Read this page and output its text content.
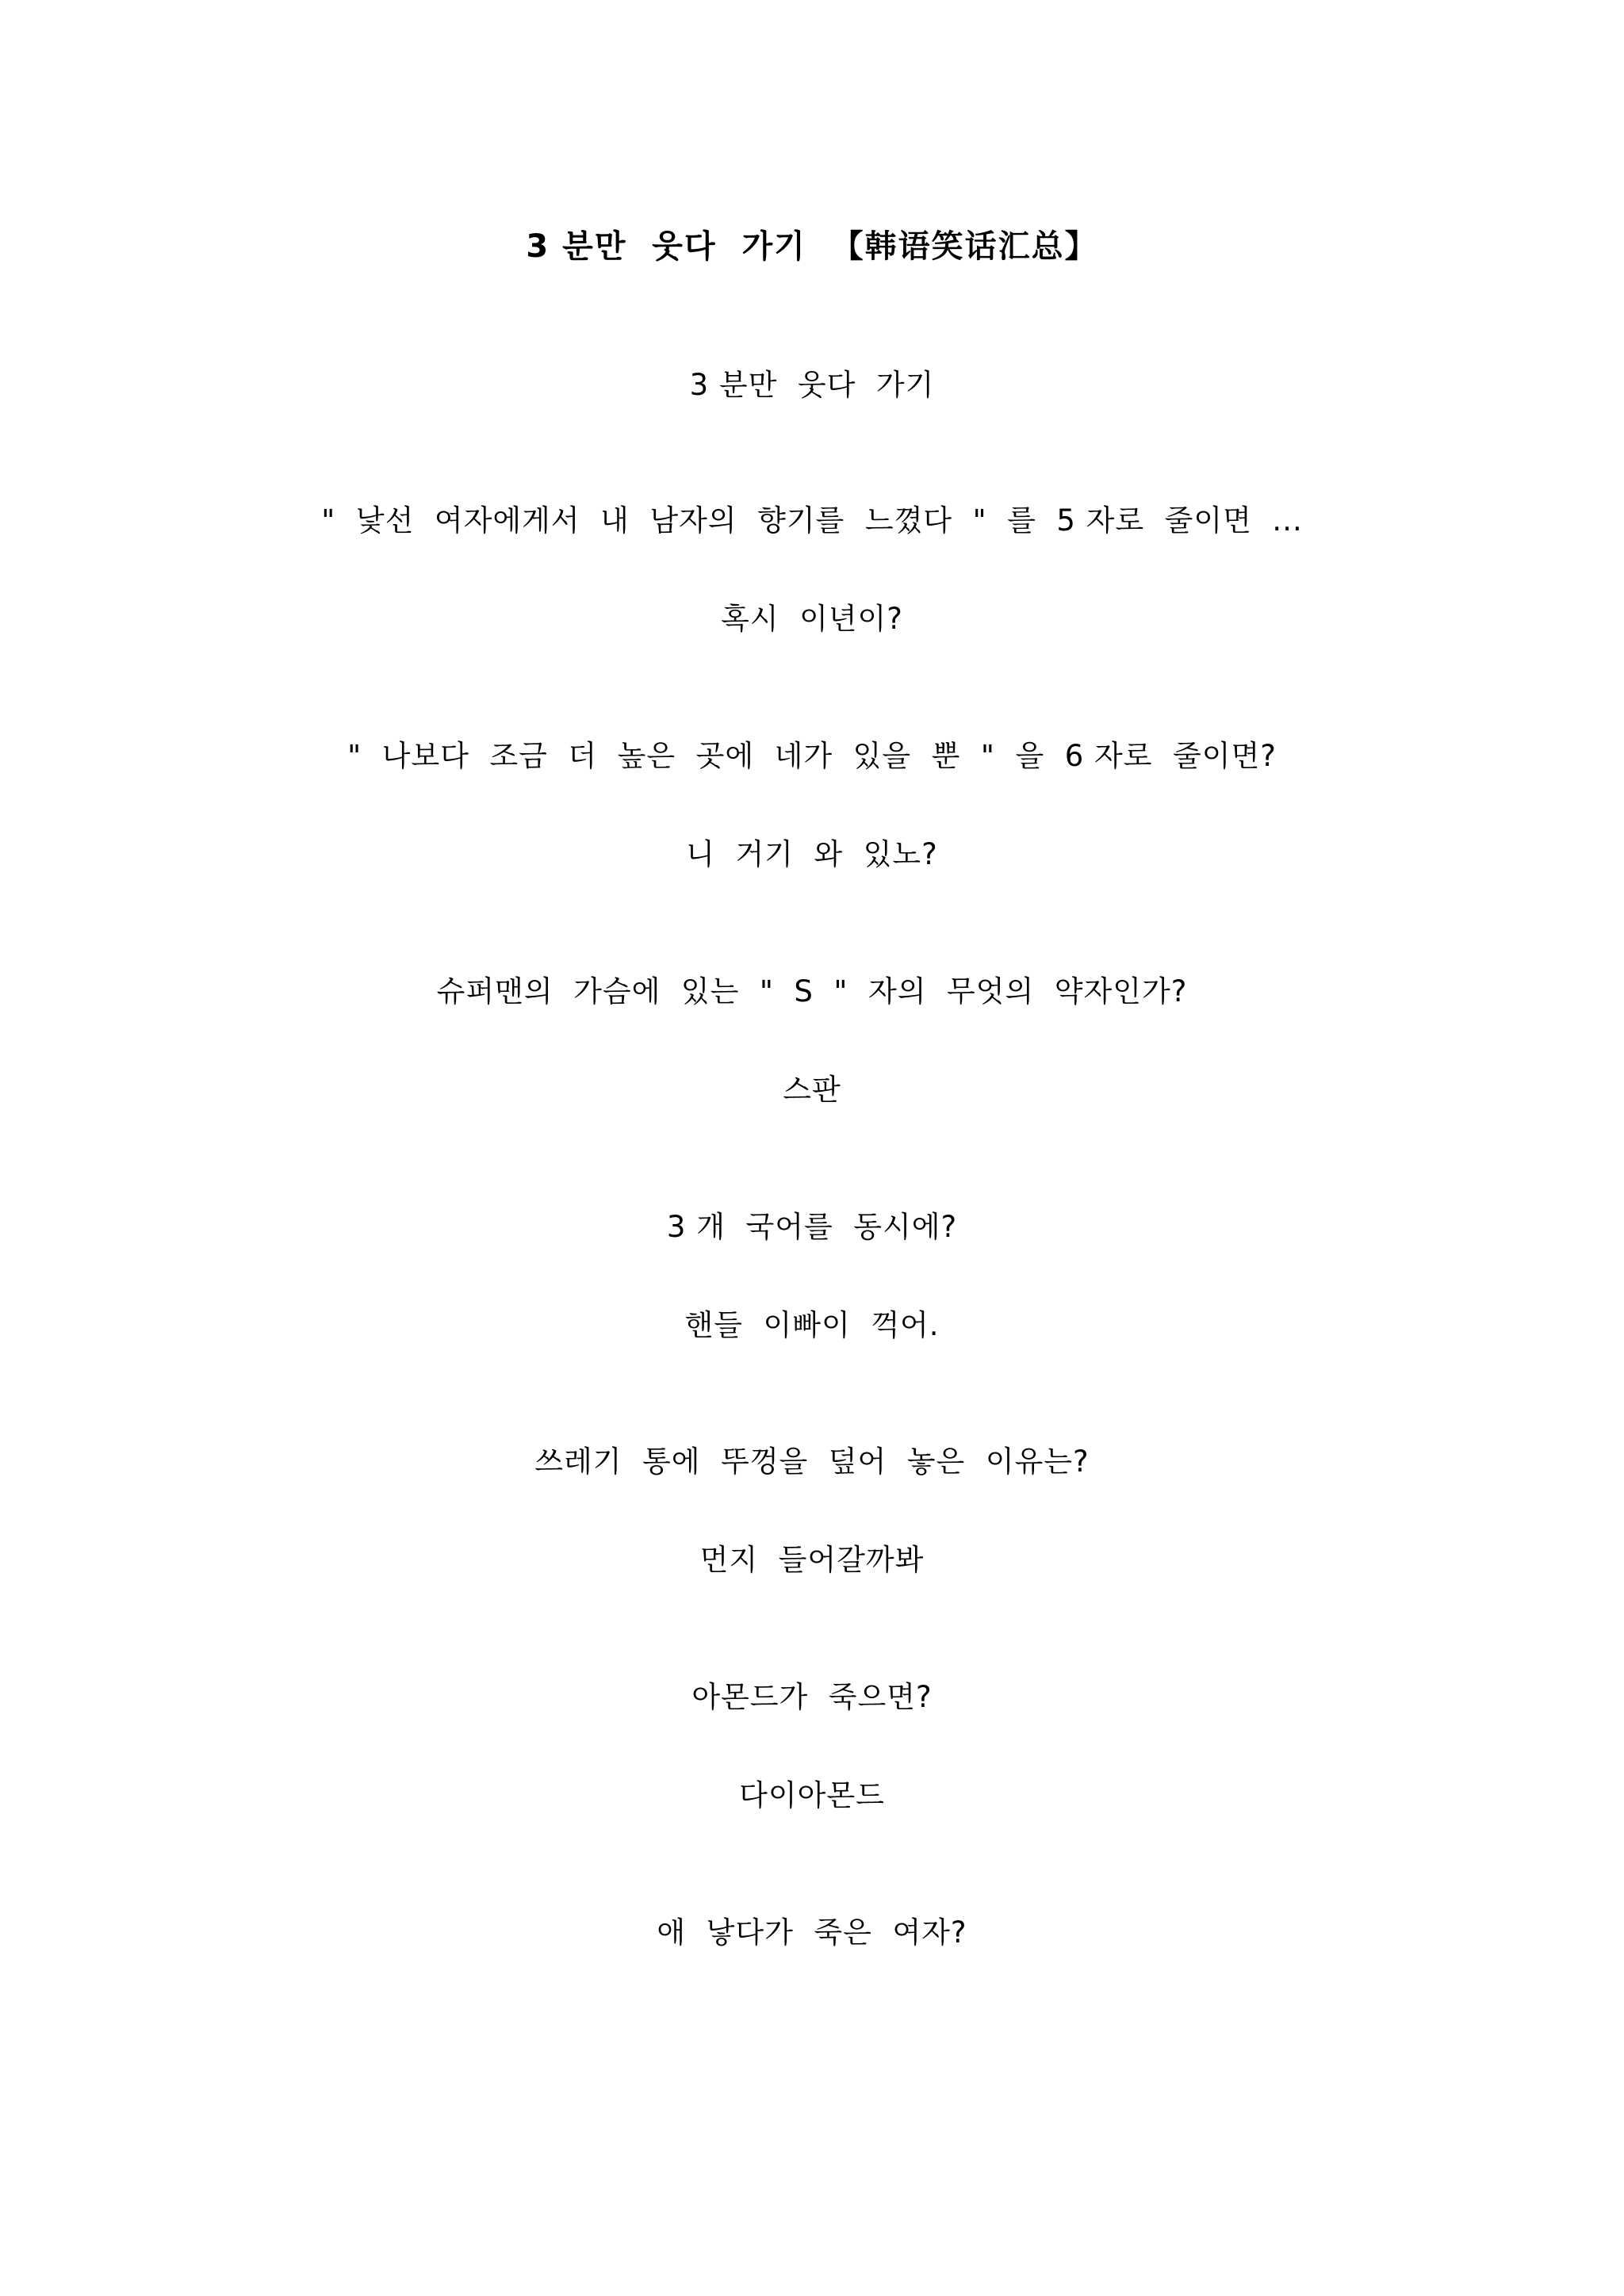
3 분만  웃다  가기  【韩语笑话汇总】
3 분만  웃다  가기
"  낯선  여자에게서  내  남자의  향기를  느꼈다  "  를  5 자로  줄이면  ...
혹시  이년이?
"  나보다  조금  더  높은  곳에  네가  있을  뿐  "  을  6 자로  줄이면?
니  거기  와  있노?
슈퍼맨의  가슴에  있는  "  S  "  자의  무엇의  약자인가?
스판
3 개  국어를  동시에?
핸들  이빠이  꺽어.
쓰레기  통에  뚜껑을  덮어  놓은  이유는?
먼지  들어갈까봐
아몬드가  죽으면?
다이아몬드
애  낳다가  죽은  여자?
